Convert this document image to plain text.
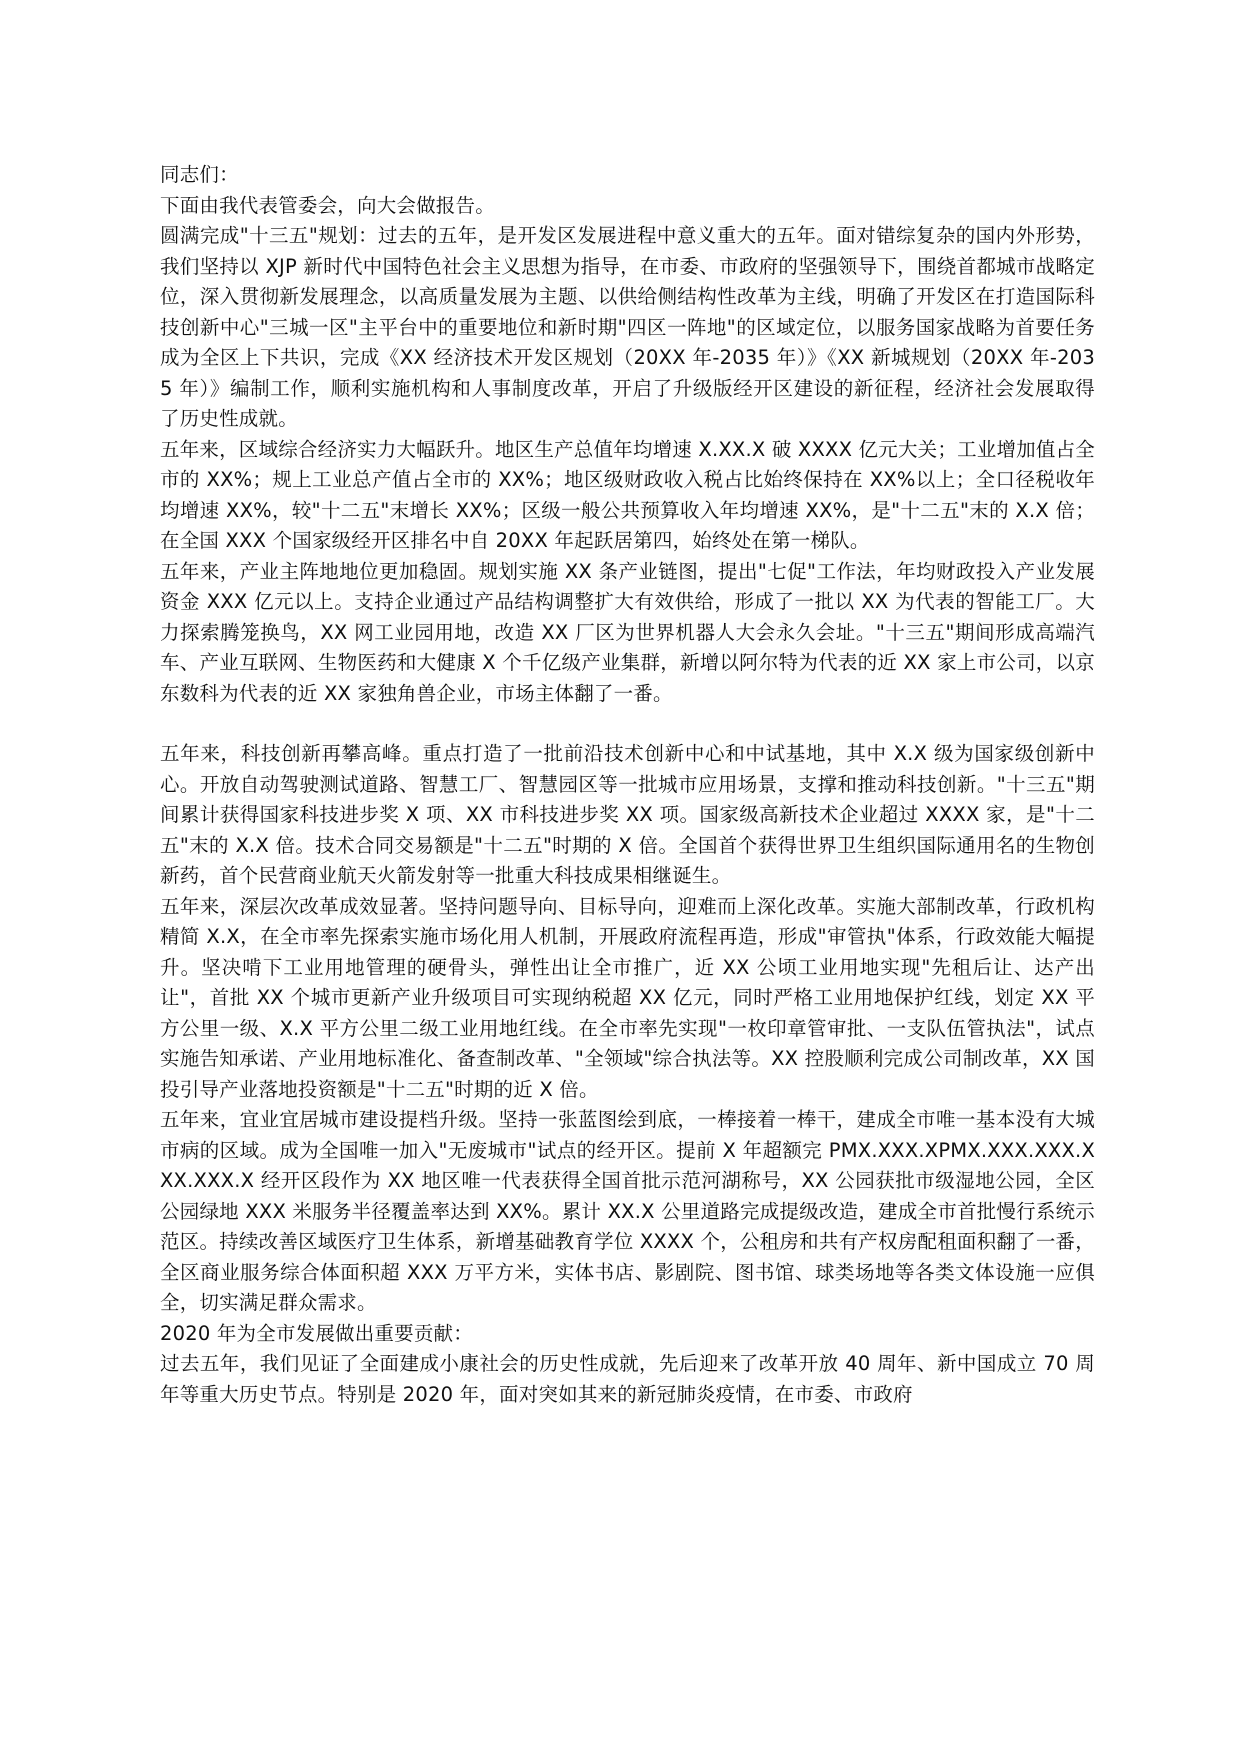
同志们：

下面由我代表管委会，向大会做报告。

圆满完成"十三五"规划：过去的五年，是开发区发展进程中意义重大的五年。面对错综复杂的国内外形势，我们坚持以 XJP 新时代中国特色社会主义思想为指导，在市委、市政府的坚强领导下，围绕首都城市战略定位，深入贯彻新发展理念，以高质量发展为主题、以供给侧结构性改革为主线，明确了开发区在打造国际科技创新中心"三城一区"主平台中的重要地位和新时期"四区一阵地"的区域定位，以服务国家战略为首要任务成为全区上下共识，完成《XX 经济技术开发区规划（20XX 年-2035 年）》《XX 新城规划（20XX 年-2035 年）》编制工作，顺利实施机构和人事制度改革，开启了升级版经开区建设的新征程，经济社会发展取得了历史性成就。

五年来，区域综合经济实力大幅跃升。地区生产总值年均增速 X.XX.X 破 XXXX 亿元大关；工业增加值占全市的 XX%；规上工业总产值占全市的 XX%；地区级财政收入税占比始终保持在 XX%以上；全口径税收年均增速 XX%，较"十二五"末增长 XX%；区级一般公共预算收入年均增速 XX%，是"十二五"末的 X.X 倍；在全国 XXX 个国家级经开区排名中自 20XX 年起跃居第四，始终处在第一梯队。

五年来，产业主阵地地位更加稳固。规划实施 XX 条产业链图，提出"七促"工作法，年均财政投入产业发展资金 XXX 亿元以上。支持企业通过产品结构调整扩大有效供给，形成了一批以 XX 为代表的智能工厂。大力探索腾笼换鸟，XX 网工业园用地，改造 XX 厂区为世界机器人大会永久会址。"十三五"期间形成高端汽车、产业互联网、生物医药和大健康 X 个千亿级产业集群，新增以阿尔特为代表的近 XX 家上市公司，以京东数科为代表的近 XX 家独角兽企业，市场主体翻了一番。

五年来，科技创新再攀高峰。重点打造了一批前沿技术创新中心和中试基地，其中 X.X 级为国家级创新中心。开放自动驾驶测试道路、智慧工厂、智慧园区等一批城市应用场景，支撑和推动科技创新。"十三五"期间累计获得国家科技进步奖 X 项、XX 市科技进步奖 XX 项。国家级高新技术企业超过 XXXX 家，是"十二五"末的 X.X 倍。技术合同交易额是"十二五"时期的 X 倍。全国首个获得世界卫生组织国际通用名的生物创新药，首个民营商业航天火箭发射等一批重大科技成果相继诞生。

五年来，深层次改革成效显著。坚持问题导向、目标导向，迎难而上深化改革。实施大部制改革，行政机构精简 X.X，在全市率先探索实施市场化用人机制，开展政府流程再造，形成"审管执"体系，行政效能大幅提升。坚决啃下工业用地管理的硬骨头，弹性出让全市推广，近 XX 公顷工业用地实现"先租后让、达产出让"，首批 XX 个城市更新产业升级项目可实现纳税超 XX 亿元，同时严格工业用地保护红线，划定 XX 平方公里一级、X.X 平方公里二级工业用地红线。在全市率先实现"一枚印章管审批、一支队伍管执法"，试点实施告知承诺、产业用地标准化、备查制改革、"全领域"综合执法等。XX 控股顺利完成公司制改革，XX 国投引导产业落地投资额是"十二五"时期的近 X 倍。

五年来，宜业宜居城市建设提档升级。坚持一张蓝图绘到底，一棒接着一棒干，建成全市唯一基本没有大城市病的区域。成为全国唯一加入"无废城市"试点的经开区。提前 X 年超额完 PMX.XXX.XPMX.XXX.XXX.XXX.XXX.X 经开区段作为 XX 地区唯一代表获得全国首批示范河湖称号，XX 公园获批市级湿地公园，全区公园绿地 XXX 米服务半径覆盖率达到 XX%。累计 XX.X 公里道路完成提级改造，建成全市首批慢行系统示范区。持续改善区域医疗卫生体系，新增基础教育学位 XXXX 个，公租房和共有产权房配租面积翻了一番，全区商业服务综合体面积超 XXX 万平方米，实体书店、影剧院、图书馆、球类场地等各类文体设施一应俱全，切实满足群众需求。

2020 年为全市发展做出重要贡献：

过去五年，我们见证了全面建成小康社会的历史性成就，先后迎来了改革开放 40 周年、新中国成立 70 周年等重大历史节点。特别是 2020 年，面对突如其来的新冠肺炎疫情，在市委、市政府
